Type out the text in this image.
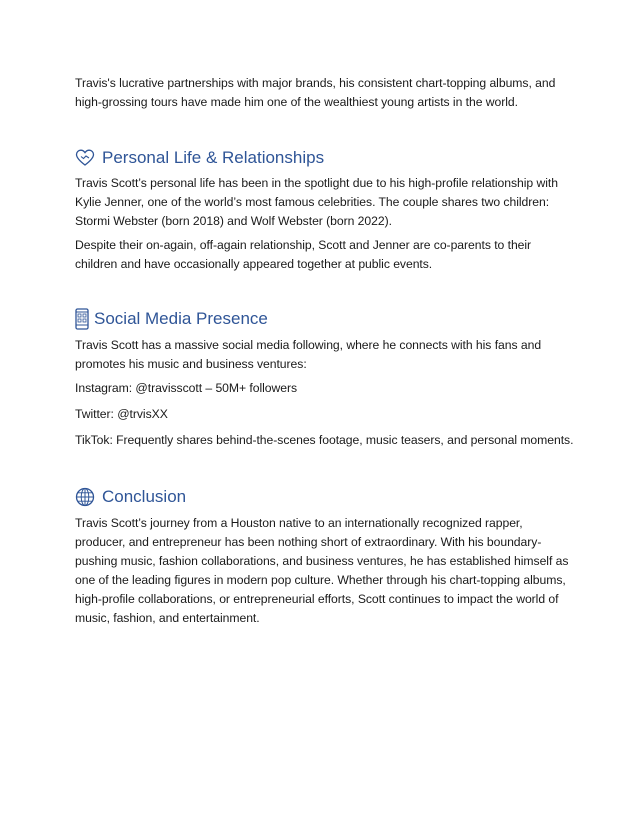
Travis's lucrative partnerships with major brands, his consistent chart-topping albums, and high-grossing tours have made him one of the wealthiest young artists in the world.

Personal Life & Relationships

Travis Scott’s personal life has been in the spotlight due to his high-profile relationship with Kylie Jenner, one of the world’s most famous celebrities. The couple shares two children: Stormi Webster (born 2018) and Wolf Webster (born 2022).

Despite their on-again, off-again relationship, Scott and Jenner are co-parents to their children and have occasionally appeared together at public events.

Social Media Presence

Travis Scott has a massive social media following, where he connects with his fans and promotes his music and business ventures:

Instagram: @travisscott – 50M+ followers

Twitter: @trvisXX

TikTok: Frequently shares behind-the-scenes footage, music teasers, and personal moments.

Conclusion

Travis Scott’s journey from a Houston native to an internationally recognized rapper, producer, and entrepreneur has been nothing short of extraordinary. With his boundary-pushing music, fashion collaborations, and business ventures, he has established himself as one of the leading figures in modern pop culture. Whether through his chart-topping albums, high-profile collaborations, or entrepreneurial efforts, Scott continues to impact the world of music, fashion, and entertainment.
